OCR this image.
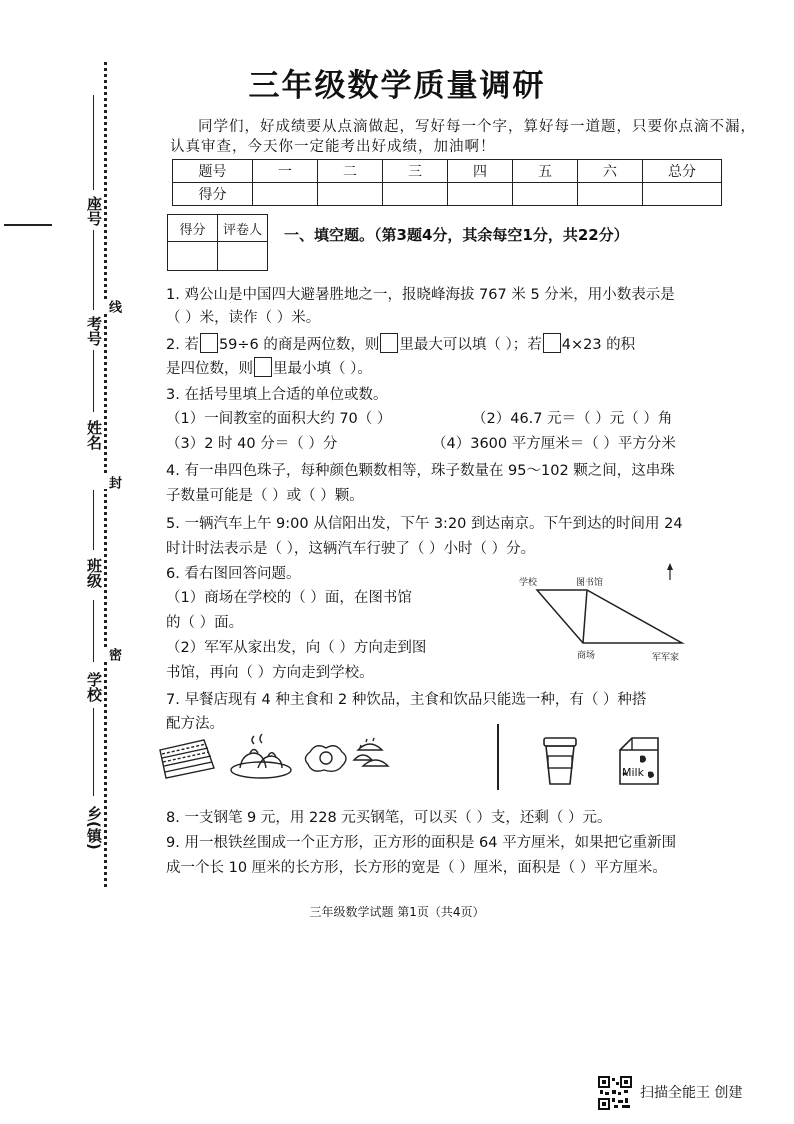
座号
考号
线
姓名
封
班级
密
学校
乡(镇)
三年级数学质量调研
同学们，好成绩要从点滴做起，写好每一个字，算好每一道题，只要你点滴不漏，认真审查，今天你一定能考出好成绩，加油啊！
题号	一	二	三	四	五	六	总分
得分							
得分	评卷人
	一、填空题。（第3题4分，其余每空1分，共22分）
1. 鸡公山是中国四大避暑胜地之一，报晓峰海拔 767 米 5 分米，用小数表示是
（ ）米，读作（ ）米。
2. 若 59÷6 的商是两位数，则 里最大可以填（ ）；若 4×23 的积
是四位数，则 里最小填（ ）。
3. 在括号里填上合适的单位或数。
（1）一间教室的面积大约 70（ ）	（2）46.7 元＝（ ）元（ ）角
（3）2 时 40 分＝（ ）分	（4）3600 平方厘米＝（ ）平方分米
4. 有一串四色珠子，每种颜色颗数相等，珠子数量在 95～102 颗之间，这串珠
子数量可能是（ ）或（ ）颗。
5. 一辆汽车上午 9:00 从信阳出发，下午 3:20 到达南京。下午到达的时间用 24
时计时法表示是（ ），这辆汽车行驶了（ ）小时（ ）分。
6. 看右图回答问题。
（1）商场在学校的（ ）面，在图书馆
的（ ）面。
（2）军军从家出发，向（ ）方向走到图
书馆，再向（ ）方向走到学校。
学校	图书馆
商场	军军家
7. 早餐店现有 4 种主食和 2 种饮品，主食和饮品只能选一种，有（ ）种搭
配方法。
Milk
8. 一支钢笔 9 元，用 228 元买钢笔，可以买（ ）支，还剩（ ）元。
9. 用一根铁丝围成一个正方形，正方形的面积是 64 平方厘米，如果把它重新围
成一个长 10 厘米的长方形，长方形的宽是（ ）厘米，面积是（ ）平方厘米。
三年级数学试题 第1页（共4页）
扫描全能王 创建
